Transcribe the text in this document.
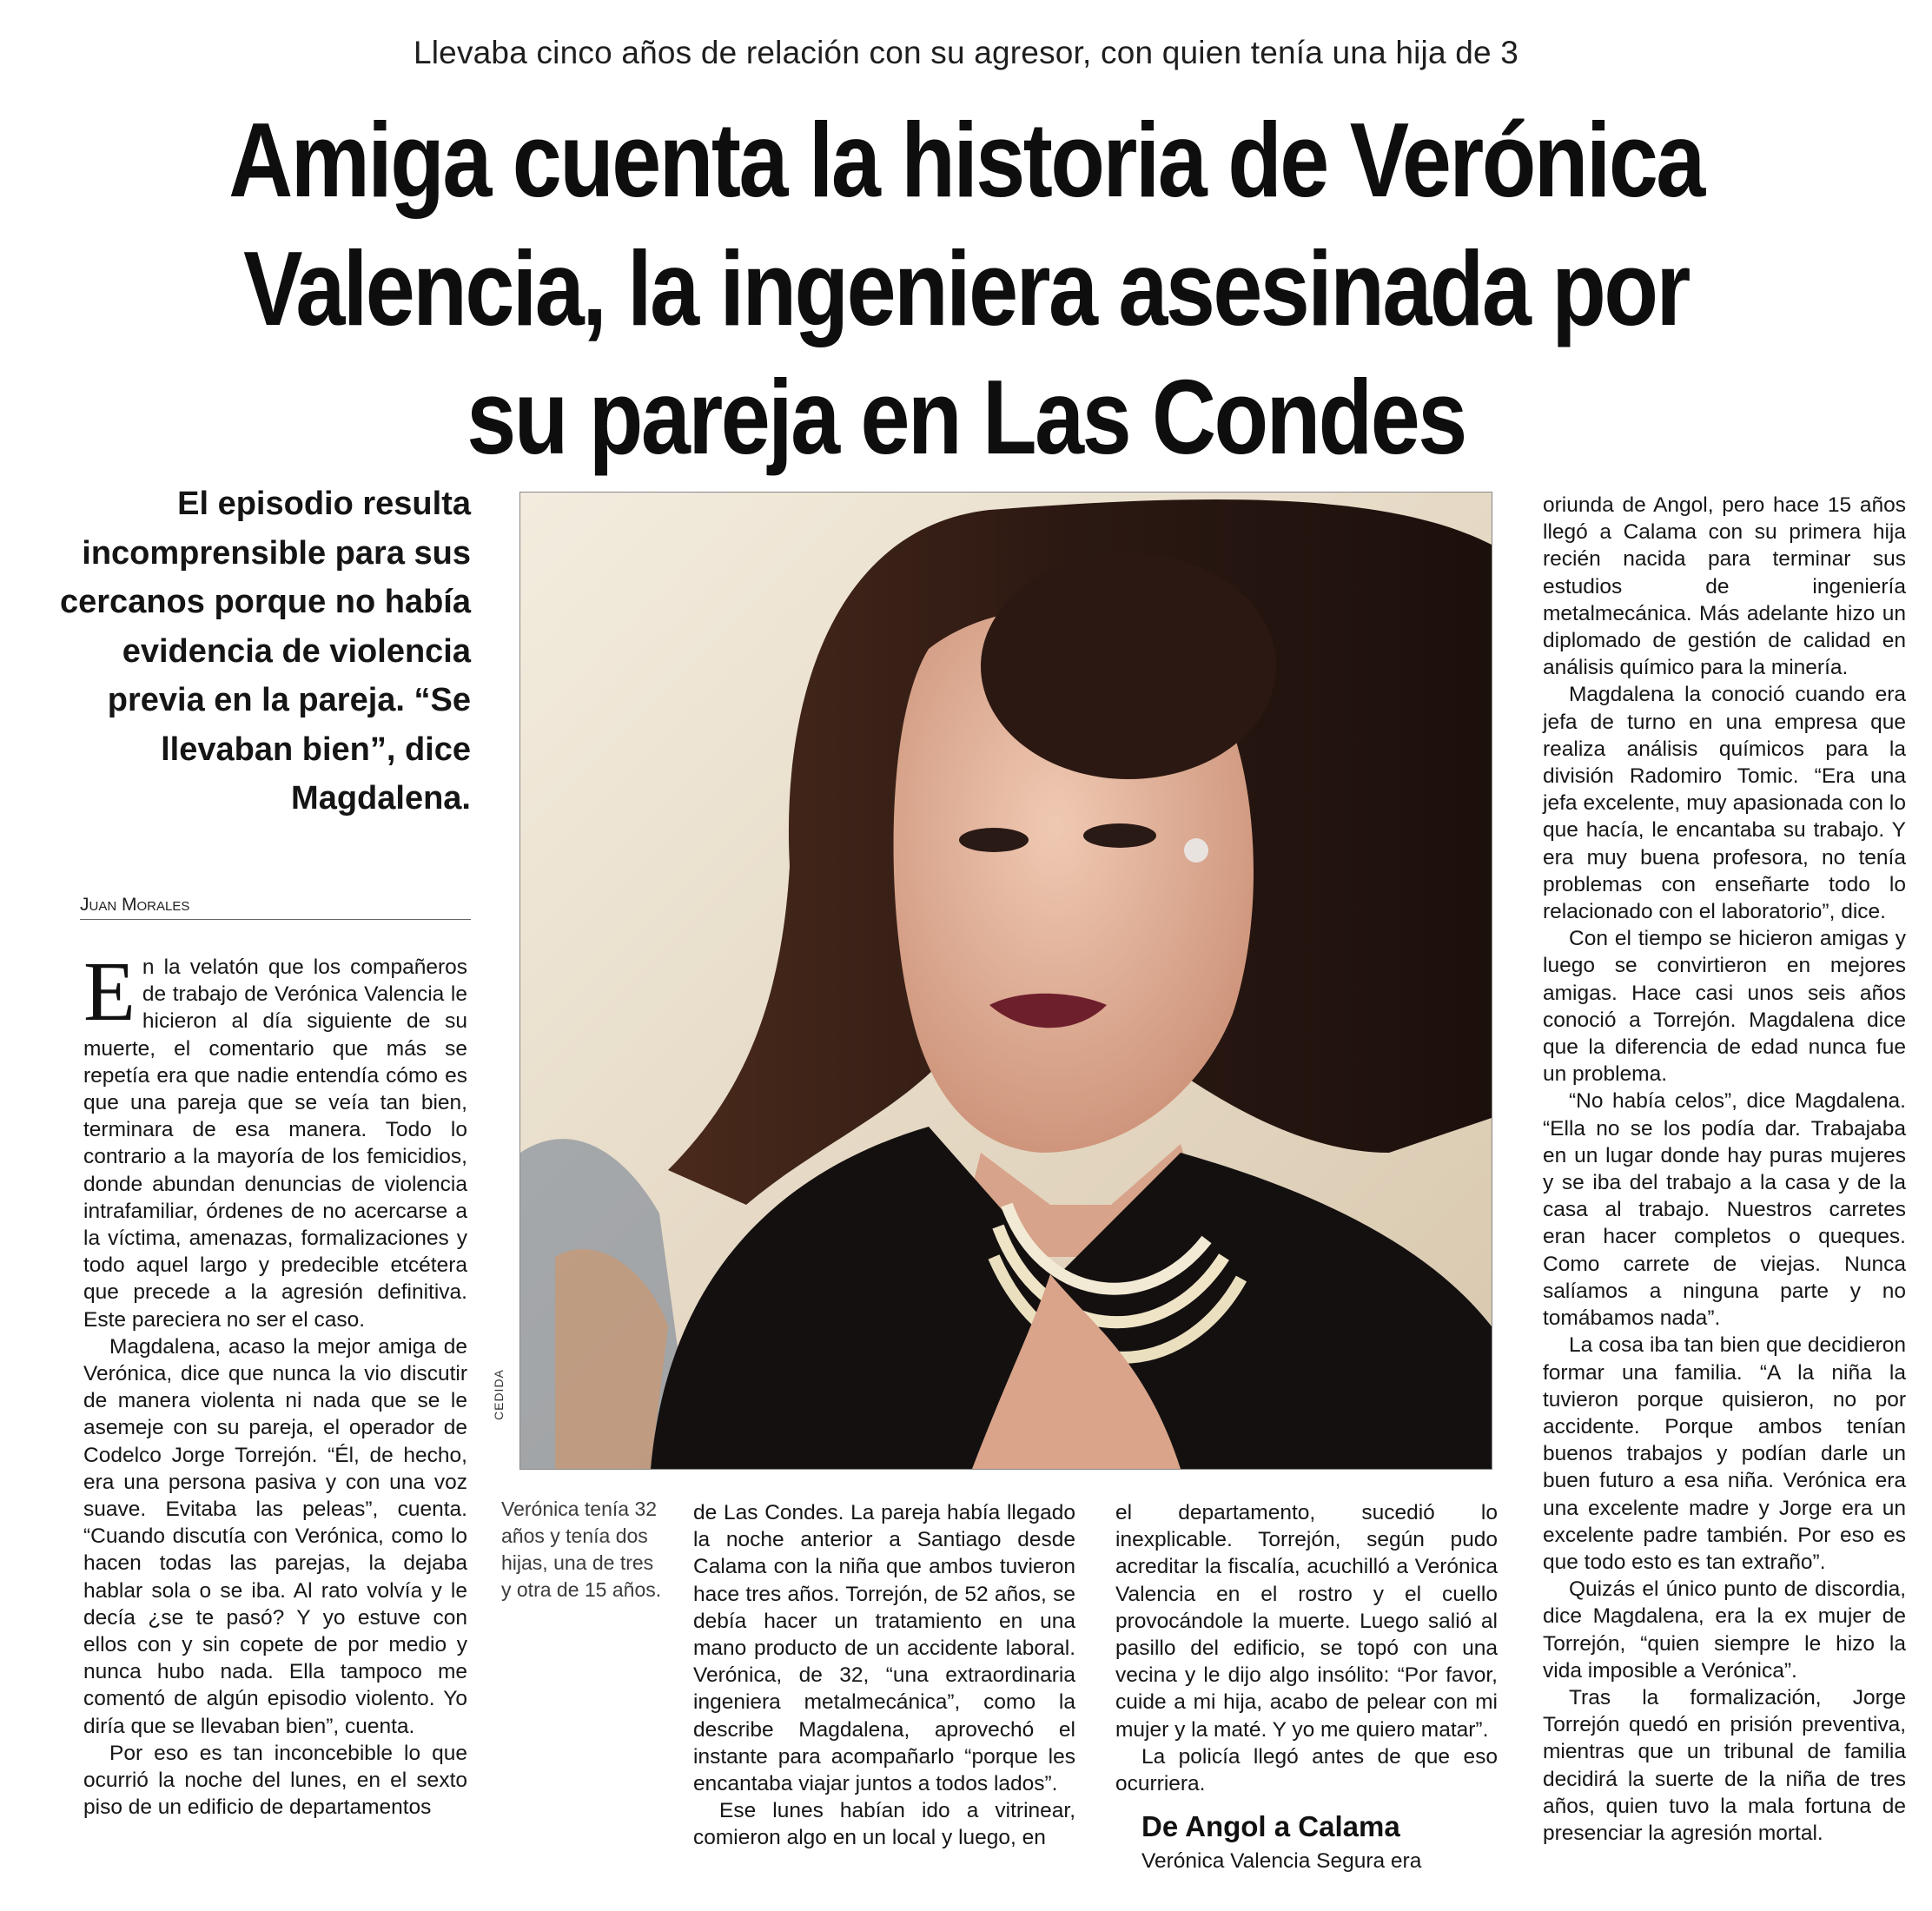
Llevaba cinco años de relación con su agresor, con quien tenía una hija de 3
Amiga cuenta la historia de Verónica Valencia, la ingeniera asesinada por su pareja en Las Condes
El episodio resulta incomprensible para sus cercanos porque no había evidencia de violencia previa en la pareja. “Se llevaban bien”, dice Magdalena.
Juan Morales

En la velatón que los compañeros de trabajo de Verónica Valencia le hicieron al día siguiente de su muerte, el comentario que más se repetía era que nadie entendía cómo es que una pareja que se veía tan bien, terminara de esa manera. Todo lo contrario a la mayoría de los femicidios, donde abundan denuncias de violencia intrafamiliar, órdenes de no acercarse a la víctima, amenazas, formalizaciones y todo aquel largo y predecible etcétera que precede a la agresión definitiva. Este pareciera no ser el caso.

Magdalena, acaso la mejor amiga de Verónica, dice que nunca la vio discutir de manera violenta ni nada que se le asemeje con su pareja, el operador de Codelco Jorge Torrejón. “Él, de hecho, era una persona pasiva y con una voz suave. Evitaba las peleas”, cuenta. “Cuando discutía con Verónica, como lo hacen todas las parejas, la dejaba hablar sola o se iba. Al rato volvía y le decía ¿se te pasó? Y yo estuve con ellos con y sin copete de por medio y nunca hubo nada. Ella tampoco me comentó de algún episodio violento. Yo diría que se llevaban bien”, cuenta.

Por eso es tan inconcebible lo que ocurrió la noche del lunes, en el sexto piso de un edificio de departamentos

CEDIDA
Verónica tenía 32 años y tenía dos hijas, una de tres y otra de 15 años.

de Las Condes. La pareja había llegado la noche anterior a Santiago desde Calama con la niña que ambos tuvieron hace tres años. Torrejón, de 52 años, se debía hacer un tratamiento en una mano producto de un accidente laboral. Verónica, de 32, “una extraordinaria ingeniera metalmecánica”, como la describe Magdalena, aprovechó el instante para acompañarlo “porque les encantaba viajar juntos a todos lados”.

Ese lunes habían ido a vitrinear, comieron algo en un local y luego, en

el departamento, sucedió lo inexplicable. Torrejón, según pudo acreditar la fiscalía, acuchilló a Verónica Valencia en el rostro y el cuello provocándole la muerte. Luego salió al pasillo del edificio, se topó con una vecina y le dijo algo insólito: “Por favor, cuide a mi hija, acabo de pelear con mi mujer y la maté. Y yo me quiero matar”.

La policía llegó antes de que eso ocurriera.

De Angol a Calama

Verónica Valencia Segura era

oriunda de Angol, pero hace 15 años llegó a Calama con su primera hija recién nacida para terminar sus estudios de ingeniería metalmecánica. Más adelante hizo un diplomado de gestión de calidad en análisis químico para la minería.

Magdalena la conoció cuando era jefa de turno en una empresa que realiza análisis químicos para la división Radomiro Tomic. “Era una jefa excelente, muy apasionada con lo que hacía, le encantaba su trabajo. Y era muy buena profesora, no tenía problemas con enseñarte todo lo relacionado con el laboratorio”, dice.

Con el tiempo se hicieron amigas y luego se convirtieron en mejores amigas. Hace casi unos seis años conoció a Torrejón. Magdalena dice que la diferencia de edad nunca fue un problema.

“No había celos”, dice Magdalena. “Ella no se los podía dar. Trabajaba en un lugar donde hay puras mujeres y se iba del trabajo a la casa y de la casa al trabajo. Nuestros carretes eran hacer completos o queques. Como carrete de viejas. Nunca salíamos a ninguna parte y no tomábamos nada”.

La cosa iba tan bien que decidieron formar una familia. “A la niña la tuvieron porque quisieron, no por accidente. Porque ambos tenían buenos trabajos y podían darle un buen futuro a esa niña. Verónica era una excelente madre y Jorge era un excelente padre también. Por eso es que todo esto es tan extraño”.

Quizás el único punto de discordia, dice Magdalena, era la ex mujer de Torrejón, “quien siempre le hizo la vida imposible a Verónica”.

Tras la formalización, Jorge Torrejón quedó en prisión preventiva, mientras que un tribunal de familia decidirá la suerte de la niña de tres años, quien tuvo la mala fortuna de presenciar la agresión mortal.
